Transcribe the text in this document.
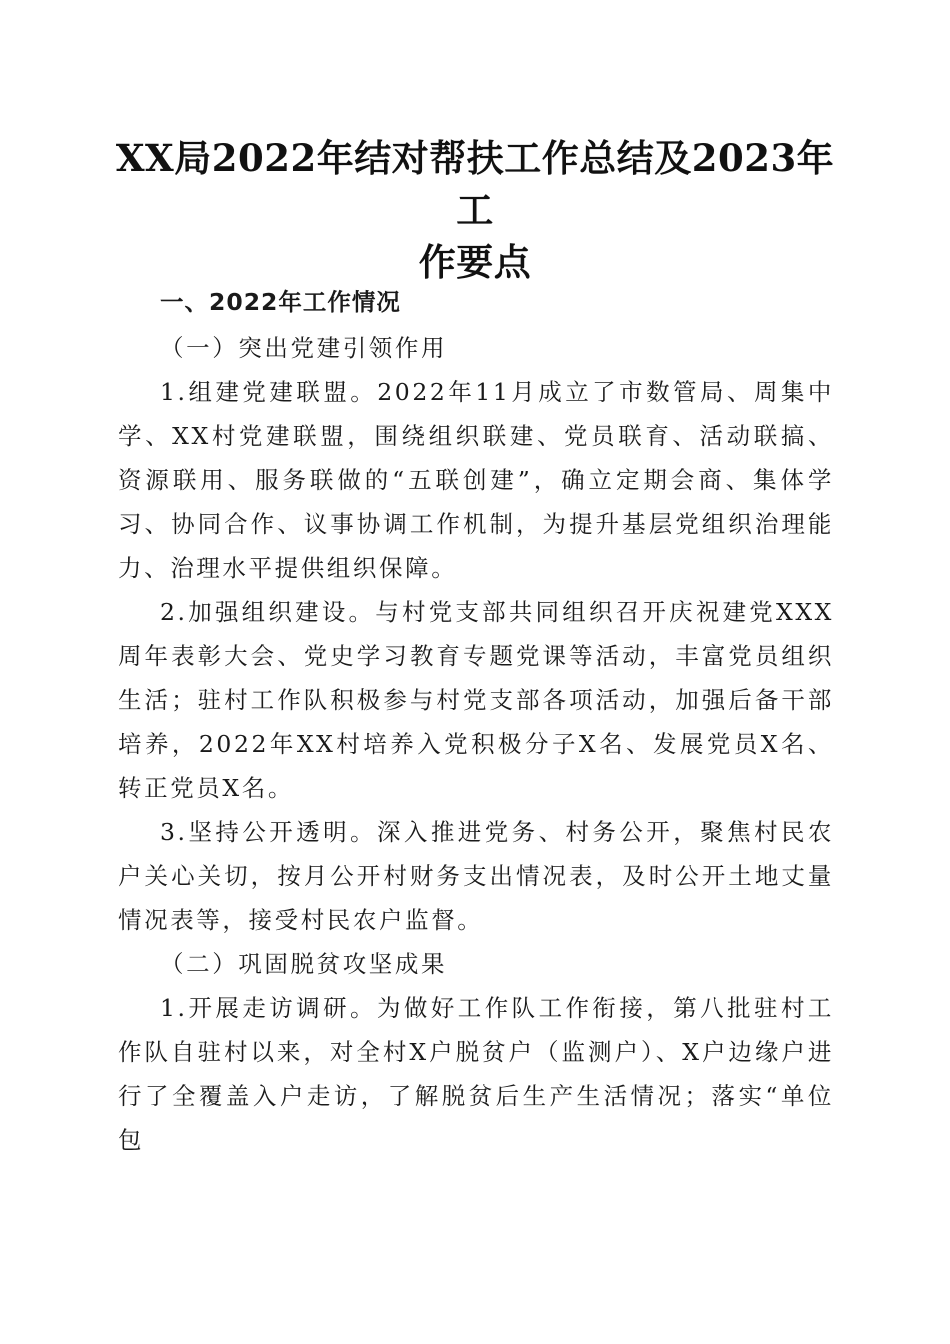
XX局2022年结对帮扶工作总结及2023年工
作要点

一、2022年工作情况

（一）突出党建引领作用

1.组建党建联盟。2022年11月成立了市数管局、周集中学、XX村党建联盟，围绕组织联建、党员联育、活动联搞、资源联用、服务联做的“五联创建”，确立定期会商、集体学习、协同合作、议事协调工作机制，为提升基层党组织治理能力、治理水平提供组织保障。

2.加强组织建设。与村党支部共同组织召开庆祝建党XXX周年表彰大会、党史学习教育专题党课等活动，丰富党员组织生活；驻村工作队积极参与村党支部各项活动，加强后备干部培养，2022年XX村培养入党积极分子X名、发展党员X名、转正党员X名。

3.坚持公开透明。深入推进党务、村务公开，聚焦村民农户关心关切，按月公开村财务支出情况表，及时公开土地丈量情况表等，接受村民农户监督。

（二）巩固脱贫攻坚成果

1.开展走访调研。为做好工作队工作衔接，第八批驻村工作队自驻村以来，对全村X户脱贫户（监测户）、X户边缘户进行了全覆盖入户走访，了解脱贫后生产生活情况；落实“单位包
